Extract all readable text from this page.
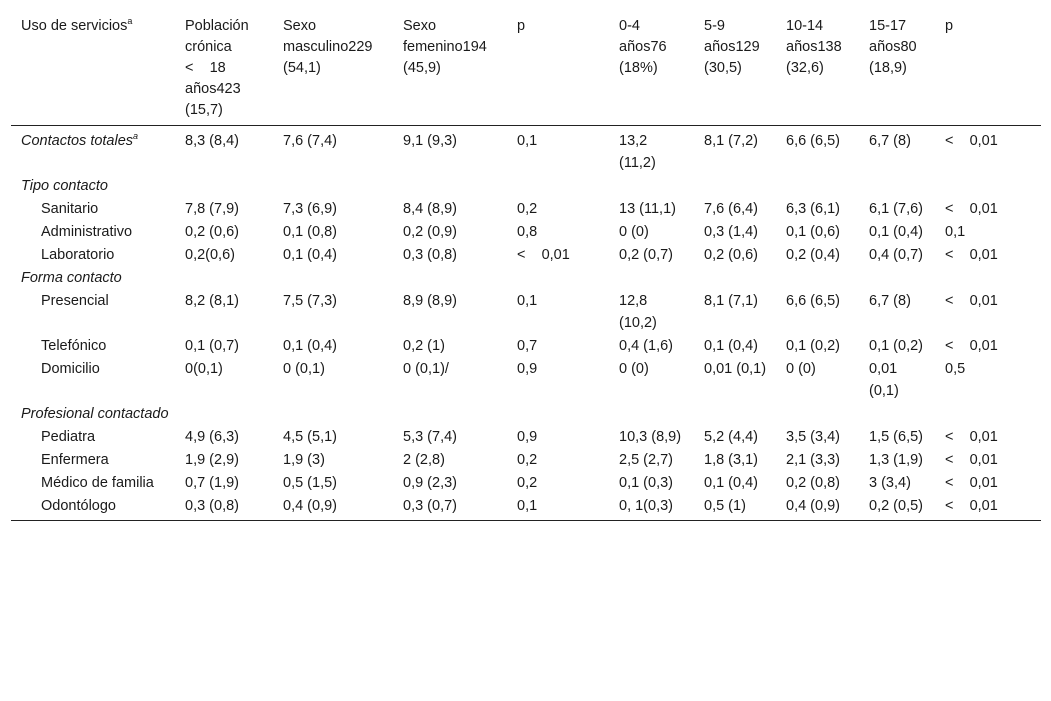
Uso de servicios$^a$	Población crónica <    18 años423 (15,7)	Sexo masculino229 (54,1)	Sexo femenino194 (45,9)	p	0-4 años76 (18%)	5-9 años129 (30,5)	10-14 años138 (32,6)	15-17 años80 (18,9)	p
Contactos totales$^a$	8,3 (8,4)	7,6 (7,4)	9,1 (9,3)	0,1	13,2 (11,2)	8,1 (7,2)	6,6 (6,5)	6,7 (8)	<    0,01
Tipo contacto									
Sanitario	7,8 (7,9)	7,3 (6,9)	8,4 (8,9)	0,2	13 (11,1)	7,6 (6,4)	6,3 (6,1)	6,1 (7,6)	<    0,01
Administrativo	0,2 (0,6)	0,1 (0,8)	0,2 (0,9)	0,8	0 (0)	0,3 (1,4)	0,1 (0,6)	0,1 (0,4)	0,1
Laboratorio	0,2(0,6)	0,1 (0,4)	0,3 (0,8)	<    0,01	0,2 (0,7)	0,2 (0,6)	0,2 (0,4)	0,4 (0,7)	<    0,01
Forma contacto									
Presencial	8,2 (8,1)	7,5 (7,3)	8,9 (8,9)	0,1	12,8 (10,2)	8,1 (7,1)	6,6 (6,5)	6,7 (8)	<    0,01
Telefónico	0,1 (0,7)	0,1 (0,4)	0,2 (1)	0,7	0,4 (1,6)	0,1 (0,4)	0,1 (0,2)	0,1 (0,2)	<    0,01
Domicilio	0(0,1)	0 (0,1)	0 (0,1)/	0,9	0 (0)	0,01 (0,1)	0 (0)	0,01 (0,1)	0,5
Profesional contactado									
Pediatra	4,9 (6,3)	4,5 (5,1)	5,3 (7,4)	0,9	10,3 (8,9)	5,2 (4,4)	3,5 (3,4)	1,5 (6,5)	<    0,01
Enfermera	1,9 (2,9)	1,9 (3)	2 (2,8)	0,2	2,5 (2,7)	1,8 (3,1)	2,1 (3,3)	1,3 (1,9)	<    0,01
Médico de familia	0,7 (1,9)	0,5 (1,5)	0,9 (2,3)	0,2	0,1 (0,3)	0,1 (0,4)	0,2 (0,8)	3 (3,4)	<    0,01
Odontólogo	0,3 (0,8)	0,4 (0,9)	0,3 (0,7)	0,1	0, 1(0,3)	0,5 (1)	0,4 (0,9)	0,2 (0,5)	<    0,01
